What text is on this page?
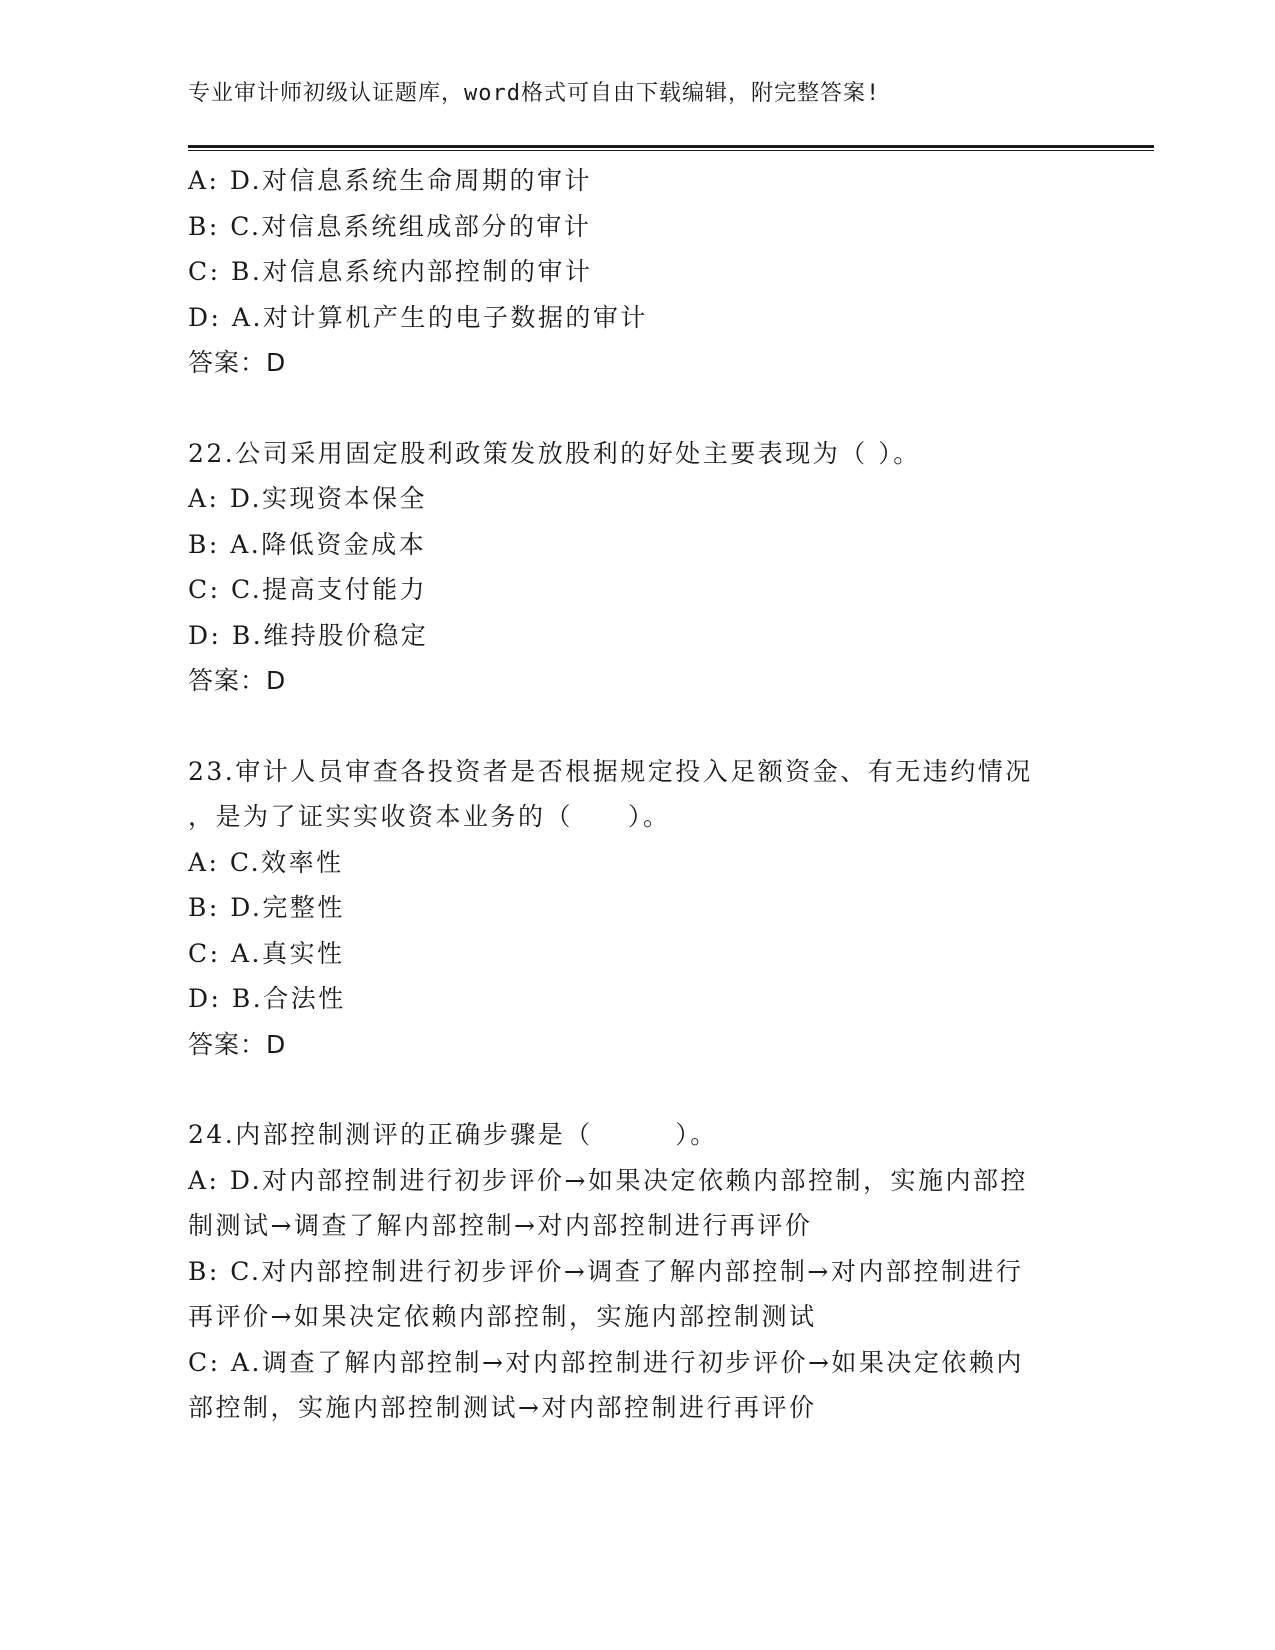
专业审计师初级认证题库，word格式可自由下载编辑，附完整答案!
A: D.对信息系统生命周期的审计
B: C.对信息系统组成部分的审计
C: B.对信息系统内部控制的审计
D: A.对计算机产生的电子数据的审计
答案：D
22.公司采用固定股利政策发放股利的好处主要表现为（ ）。
A: D.实现资本保全
B: A.降低资金成本
C: C.提高支付能力
D: B.维持股价稳定
答案：D
23.审计人员审查各投资者是否根据规定投入足额资金、有无违约情况
，是为了证实实收资本业务的（　　）。
A: C.效率性
B: D.完整性
C: A.真实性
D: B.合法性
答案：D
24.内部控制测评的正确步骤是（　　　）。
A: D.对内部控制进行初步评价→如果决定依赖内部控制，实施内部控
制测试→调查了解内部控制→对内部控制进行再评价
B: C.对内部控制进行初步评价→调查了解内部控制→对内部控制进行
再评价→如果决定依赖内部控制，实施内部控制测试
C: A.调查了解内部控制→对内部控制进行初步评价→如果决定依赖内
部控制，实施内部控制测试→对内部控制进行再评价
